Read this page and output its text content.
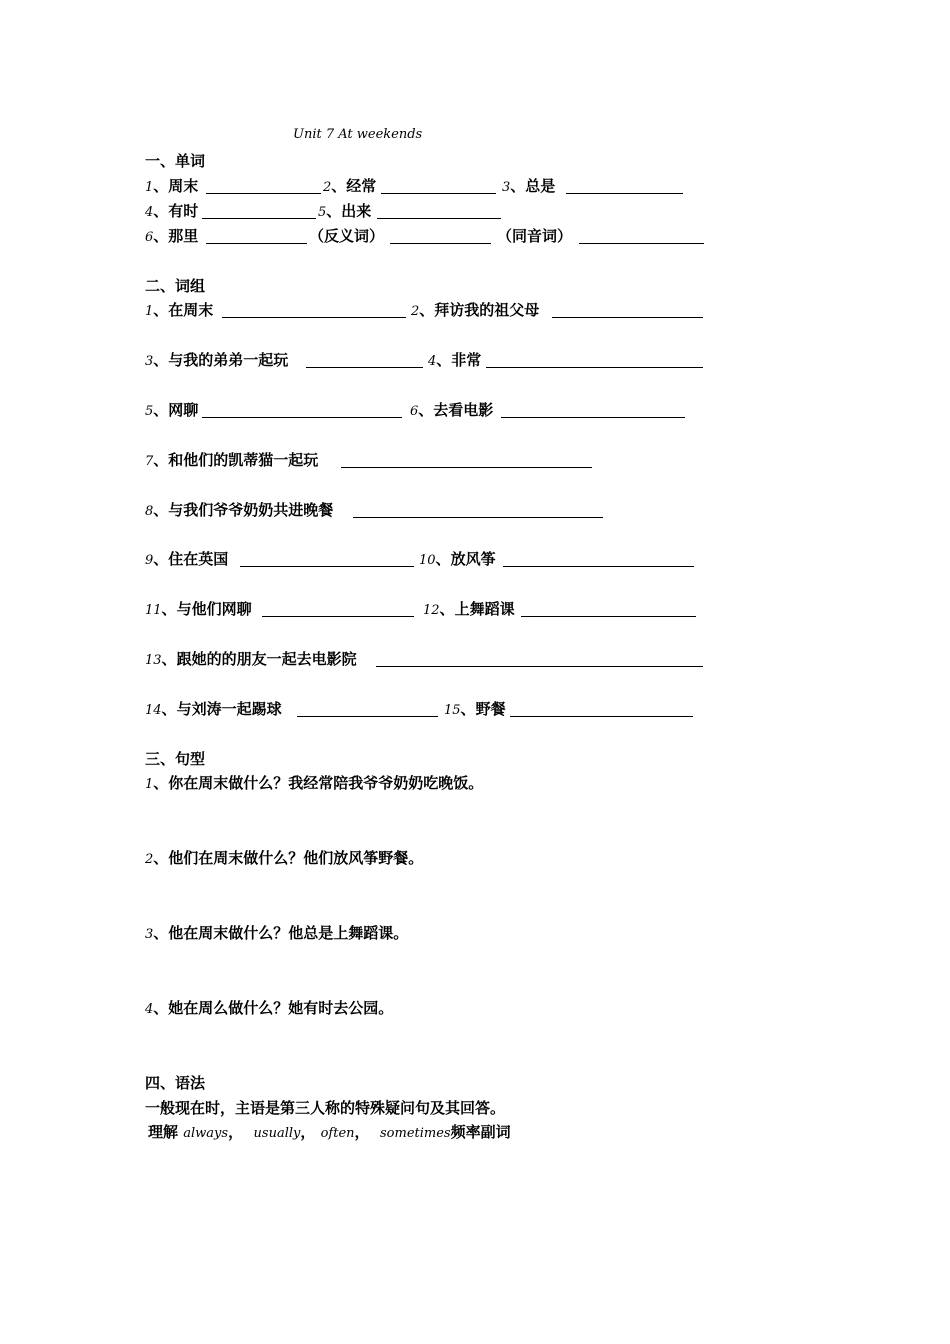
Unit 7 At weekends
一、单词
1、周末	2、经常	3、总是
4、有时	5、出来
6、那里	（反义词）	（同音词）
二、词组
1、在周末	2、拜访我的祖父母
3、与我的弟弟一起玩	4、非常
5、网聊	6、去看电影
7、和他们的凯蒂猫一起玩
8、与我们爷爷奶奶共进晚餐
9、住在英国	10、放风筝
11、与他们网聊	12、上舞蹈课
13、跟她的的朋友一起去电影院
14、与刘涛一起踢球	15、野餐
三、句型
1、你在周末做什么？我经常陪我爷爷奶奶吃晚饭。
2、他们在周末做什么？他们放风筝野餐。
3、他在周末做什么？他总是上舞蹈课。
4、她在周么做什么？她有时去公园。
四、语法
一般现在时，主语是第三人称的特殊疑问句及其回答。
理解 always， usually， often， sometimes频率副词
